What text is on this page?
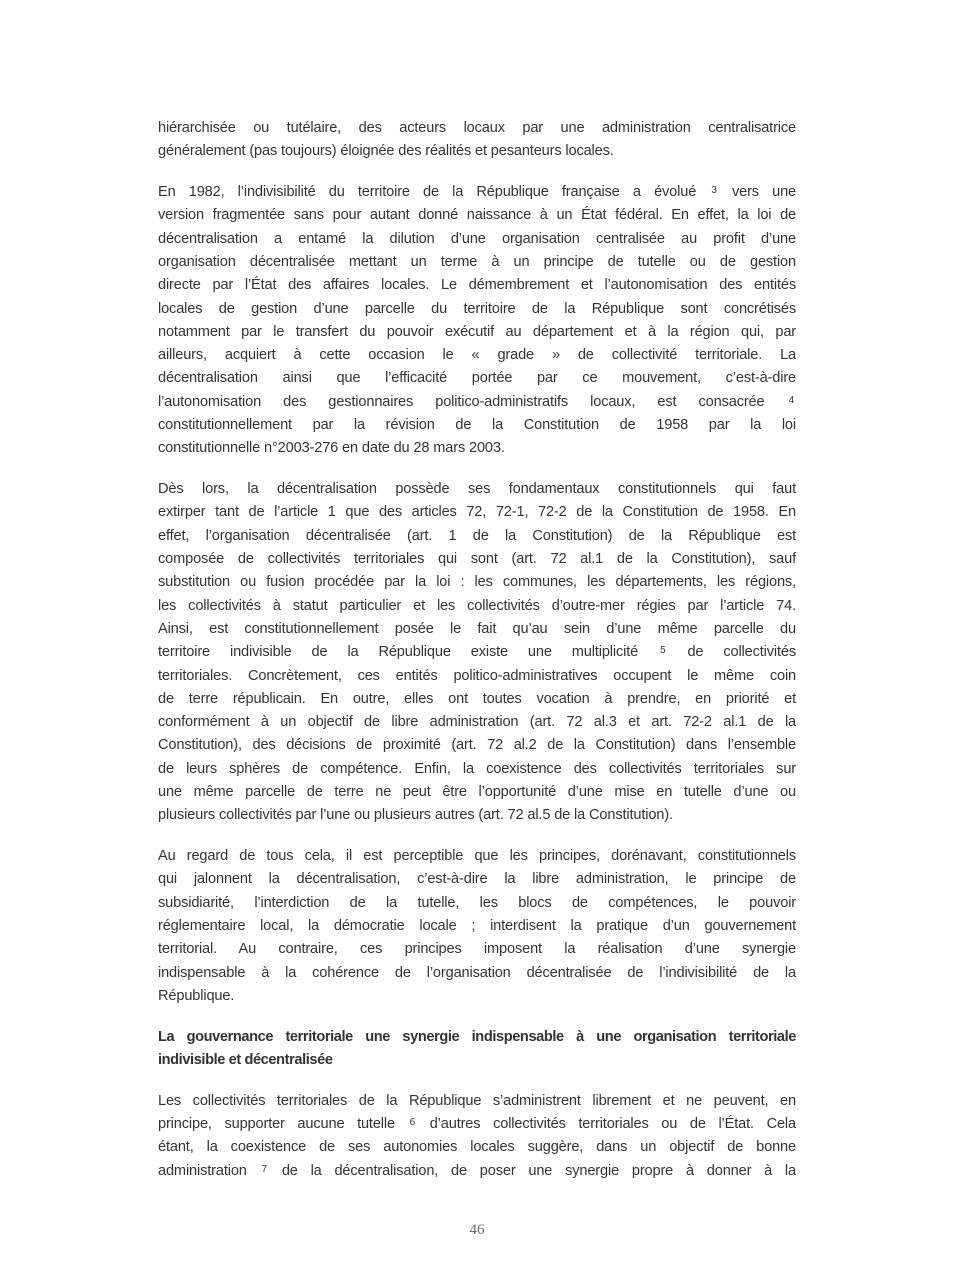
hiérarchisée ou tutélaire, des acteurs locaux par une administration centralisatrice
généralement (pas toujours) éloignée des réalités et pesanteurs locales.
En 1982, l’indivisibilité du territoire de la République française a évolué $^3$ vers une
version fragmentée sans pour autant donné naissance à un État fédéral. En effet, la loi de
décentralisation a entamé la dilution d’une organisation centralisée au profit d’une
organisation décentralisée mettant un terme à un principe de tutelle ou de gestion
directe par l’État des affaires locales. Le démembrement et l’autonomisation des entités
locales de gestion d’une parcelle du territoire de la République sont concrétisés
notamment par le transfert du pouvoir exécutif au département et à la région qui, par
ailleurs, acquiert à cette occasion le « grade » de collectivité territoriale. La
décentralisation ainsi que l’efficacité portée par ce mouvement, c’est-à-dire
l’autonomisation des gestionnaires politico-administratifs locaux, est consacrée $^4$
constitutionnellement par la révision de la Constitution de 1958 par la loi
constitutionnelle n°2003-276 en date du 28 mars 2003.
Dès lors, la décentralisation possède ses fondamentaux constitutionnels qui faut
extirper tant de l’article 1 que des articles 72, 72-1, 72-2 de la Constitution de 1958. En
effet, l’organisation décentralisée (art. 1 de la Constitution) de la République est
composée de collectivités territoriales qui sont (art. 72 al.1 de la Constitution), sauf
substitution ou fusion procédée par la loi : les communes, les départements, les régions,
les collectivités à statut particulier et les collectivités d’outre-mer régies par l’article 74.
Ainsi, est constitutionnellement posée le fait qu’au sein d’une même parcelle du
territoire indivisible de la République existe une multiplicité $^5$ de collectivités
territoriales. Concrètement, ces entités politico-administratives occupent le même coin
de terre républicain. En outre, elles ont toutes vocation à prendre, en priorité et
conformément à un objectif de libre administration (art. 72 al.3 et art. 72-2 al.1 de la
Constitution), des décisions de proximité (art. 72 al.2 de la Constitution) dans l’ensemble
de leurs sphères de compétence. Enfin, la coexistence des collectivités territoriales sur
une même parcelle de terre ne peut être l’opportunité d’une mise en tutelle d’une ou
plusieurs collectivités par l’une ou plusieurs autres (art. 72 al.5 de la Constitution).
Au regard de tous cela, il est perceptible que les principes, dorénavant, constitutionnels
qui jalonnent la décentralisation, c’est-à-dire la libre administration, le principe de
subsidiarité, l’interdiction de la tutelle, les blocs de compétences, le pouvoir
réglementaire local, la démocratie locale ; interdisent la pratique d’un gouvernement
territorial. Au contraire, ces principes imposent la réalisation d’une synergie
indispensable à la cohérence de l’organisation décentralisée de l’indivisibilité de la
République.
La gouvernance territoriale une synergie indispensable à une organisation territoriale
indivisible et décentralisée
Les collectivités territoriales de la République s’administrent librement et ne peuvent, en
principe, supporter aucune tutelle $^6$ d’autres collectivités territoriales ou de l’État. Cela
étant, la coexistence de ses autonomies locales suggère, dans un objectif de bonne
administration $^7$ de la décentralisation, de poser une synergie propre à donner à la
46
